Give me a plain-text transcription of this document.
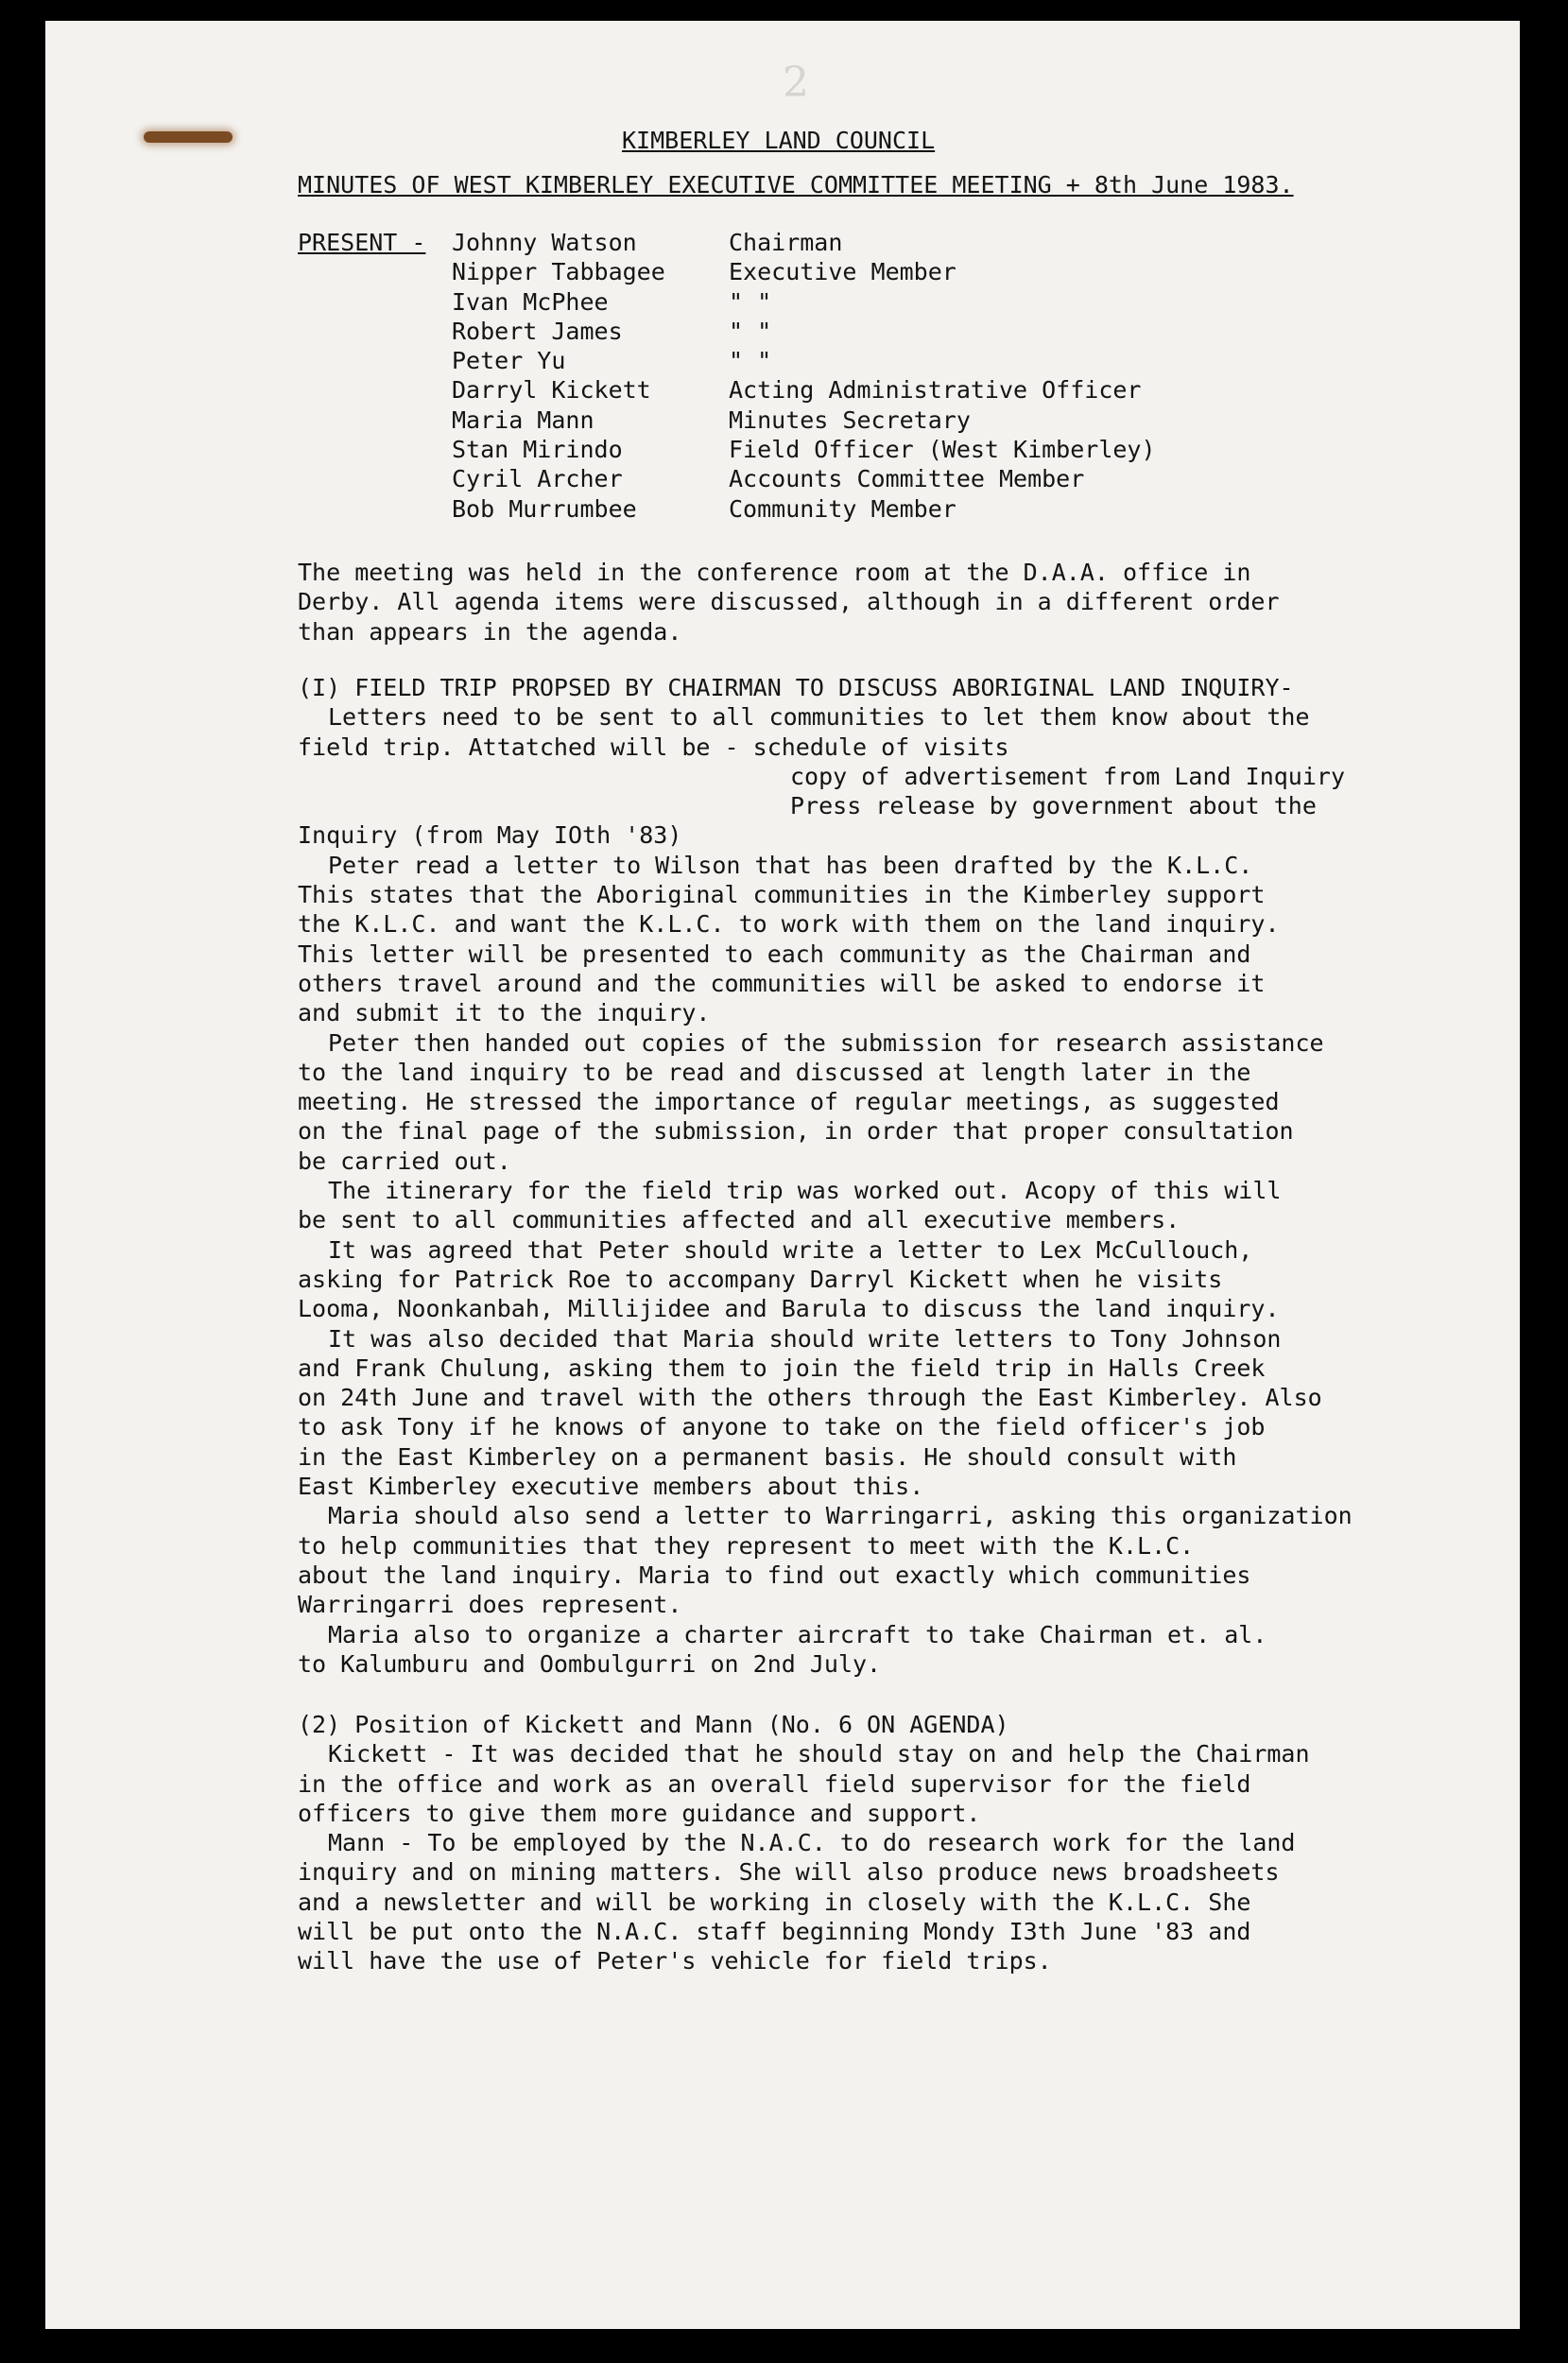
2
KIMBERLEY LAND COUNCIL
MINUTES OF WEST KIMBERLEY EXECUTIVE COMMITTEE MEETING + 8th June 1983.
PRESENT - Johnny Watson	Chairman
Nipper Tabbagee	Executive Member
Ivan McPhee	" "
Robert James	" "
Peter Yu	" "
Darryl Kickett	Acting Administrative Officer
Maria Mann	Minutes Secretary
Stan Mirindo	Field Officer (West Kimberley)
Cyril Archer	Accounts Committee Member
Bob Murrumbee	Community Member
The meeting was held in the conference room at the D.A.A. office in
Derby. All agenda items were discussed, although in a different order
than appears in the agenda.
(I) FIELD TRIP PROPSED BY CHAIRMAN TO DISCUSS ABORIGINAL LAND INQUIRY-
Letters need to be sent to all communities to let them know about the
field trip. Attatched will be - schedule of visits
copy of advertisement from Land Inquiry
Press release by government about the
Inquiry (from May IOth '83)
Peter read a letter to Wilson that has been drafted by the K.L.C.
This states that the Aboriginal communities in the Kimberley support
the K.L.C. and want the K.L.C. to work with them on the land inquiry.
This letter will be presented to each community as the Chairman and
others travel around and the communities will be asked to endorse it
and submit it to the inquiry.
Peter then handed out copies of the submission for research assistance
to the land inquiry to be read and discussed at length later in the
meeting. He stressed the importance of regular meetings, as suggested
on the final page of the submission, in order that proper consultation
be carried out.
The itinerary for the field trip was worked out. Acopy of this will
be sent to all communities affected and all executive members.
It was agreed that Peter should write a letter to Lex McCullouch,
asking for Patrick Roe to accompany Darryl Kickett when he visits
Looma, Noonkanbah, Millijidee and Barula to discuss the land inquiry.
It was also decided that Maria should write letters to Tony Johnson
and Frank Chulung, asking them to join the field trip in Halls Creek
on 24th June and travel with the others through the East Kimberley. Also
to ask Tony if he knows of anyone to take on the field officer's job
in the East Kimberley on a permanent basis. He should consult with
East Kimberley executive members about this.
Maria should also send a letter to Warringarri, asking this organization
to help communities that they represent to meet with the K.L.C.
about the land inquiry. Maria to find out exactly which communities
Warringarri does represent.
Maria also to organize a charter aircraft to take Chairman et. al.
to Kalumburu and Oombulgurri on 2nd July.
(2) Position of Kickett and Mann (No. 6 ON AGENDA)
Kickett - It was decided that he should stay on and help the Chairman
in the office and work as an overall field supervisor for the field
officers to give them more guidance and support.
Mann - To be employed by the N.A.C. to do research work for the land
inquiry and on mining matters. She will also produce news broadsheets
and a newsletter and will be working in closely with the K.L.C. She
will be put onto the N.A.C. staff beginning Mondy I3th June '83 and
will have the use of Peter's vehicle for field trips.
